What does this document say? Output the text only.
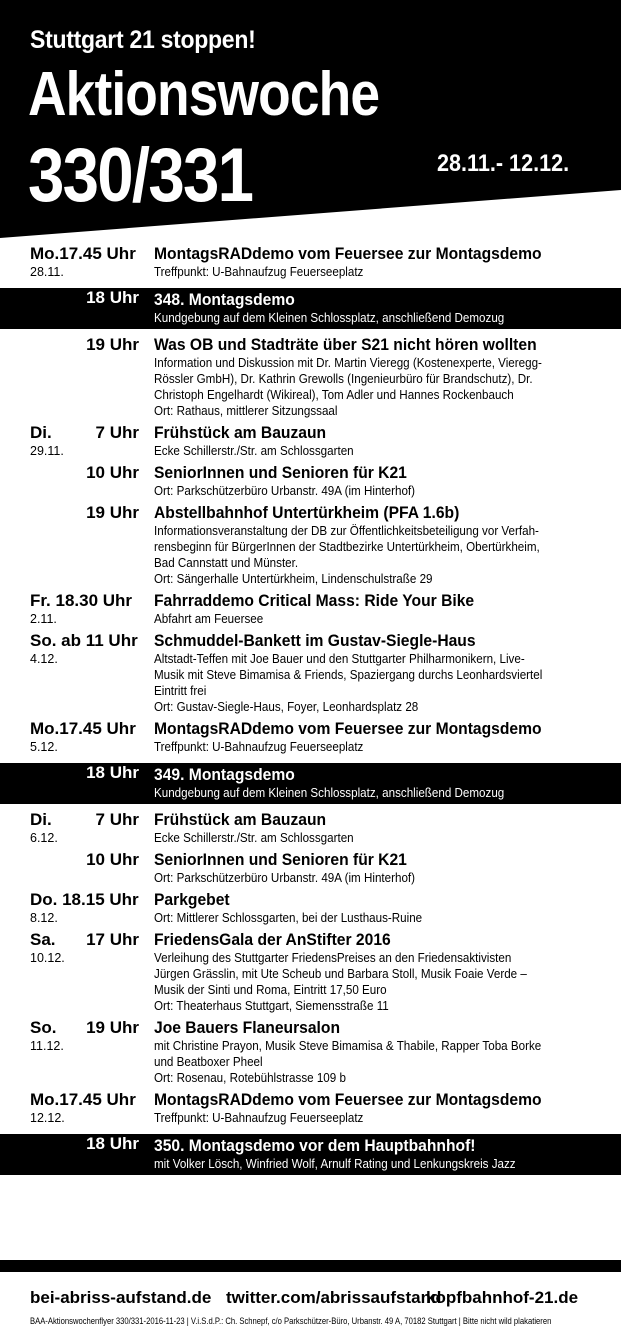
Stuttgart 21 stoppen!
Aktionswoche
330/331	28.11.- 12.12.
Mo.17.45 Uhr
28.11.
MontagsRADdemo vom Feuersee zur Montagsdemo
Treffpunkt: U-Bahnaufzug Feuerseeplatz
18 Uhr 348. Montagsdemo
Kundgebung auf dem Kleinen Schlossplatz, anschließend Demozug
19 Uhr Was OB und Stadträte über S21 nicht hören wollten
Information und Diskussion mit Dr. Martin Vieregg (Kostenexperte, Vieregg-
Rössler GmbH), Dr. Kathrin Grewolls (Ingenieurbüro für Brandschutz), Dr.
Christoph Engelhardt (Wikireal), Tom Adler und Hannes Rockenbauch
Ort: Rathaus, mittlerer Sitzungssaal
Di.
29.11.
7 Uhr Frühstück am Bauzaun
Ecke Schillerstr./Str. am Schlossgarten
10 Uhr SeniorInnen und Senioren für K21
Ort: Parkschützerbüro Urbanstr. 49A (im Hinterhof)
19 Uhr Abstellbahnhof Untertürkheim (PFA 1.6b)
Informationsveranstaltung der DB zur Öffentlichkeitsbeteiligung vor Verfah-
rensbeginn für BürgerInnen der Stadtbezirke Untertürkheim, Obertürkheim,
Bad Cannstatt und Münster.
Ort: Sängerhalle Untertürkheim, Lindenschulstraße 29
Fr. 18.30 Uhr
2.11.
Fahrraddemo Critical Mass: Ride Your Bike
Abfahrt am Feuersee
So. ab 11 Uhr
4.12.
Schmuddel-Bankett im Gustav-Siegle-Haus
Altstadt-Teffen mit Joe Bauer und den Stuttgarter Philharmonikern, Live-
Musik mit Steve Bimamisa & Friends, Spaziergang durchs Leonhardsviertel
Eintritt frei
Ort: Gustav-Siegle-Haus, Foyer, Leonhardsplatz 28
Mo.17.45 Uhr
5.12.
MontagsRADdemo vom Feuersee zur Montagsdemo
Treffpunkt: U-Bahnaufzug Feuerseeplatz
18 Uhr 349. Montagsdemo
Kundgebung auf dem Kleinen Schlossplatz, anschließend Demozug
Di.
6.12.
7 Uhr Frühstück am Bauzaun
Ecke Schillerstr./Str. am Schlossgarten
10 Uhr SeniorInnen und Senioren für K21
Ort: Parkschützerbüro Urbanstr. 49A (im Hinterhof)
Do. 18.15 Uhr
8.12.
Parkgebet
Ort: Mittlerer Schlossgarten, bei der Lusthaus-Ruine
Sa.
10.12.
17 Uhr FriedensGala der AnStifter 2016
Verleihung des Stuttgarter FriedensPreises an den Friedensaktivisten
Jürgen Grässlin, mit Ute Scheub und Barbara Stoll, Musik Foaie Verde –
Musik der Sinti und Roma, Eintritt 17,50 Euro
Ort: Theaterhaus Stuttgart, Siemensstraße 11
So.
11.12.
19 Uhr Joe Bauers Flaneursalon
mit Christine Prayon, Musik Steve Bimamisa & Thabile, Rapper Toba Borke
und Beatboxer Pheel
Ort: Rosenau, Rotebühlstrasse 109 b
Mo.17.45 Uhr
12.12.
MontagsRADdemo vom Feuersee zur Montagsdemo
Treffpunkt: U-Bahnaufzug Feuerseeplatz
18 Uhr 350. Montagsdemo vor dem Hauptbahnhof!
mit Volker Lösch, Winfried Wolf, Arnulf Rating und Lenkungskreis Jazz
bei-abriss-aufstand.de twitter.com/abrissaufstand
kopfbahnhof-21.de
BAA-Aktionswochenflyer 330/331-2016-11-23 | V.i.S.d.P.: Ch. Schnepf, c/o Parkschützer-Büro, Urbanstr. 49 A, 70182 Stuttgart | Bitte nicht wild plakatieren
